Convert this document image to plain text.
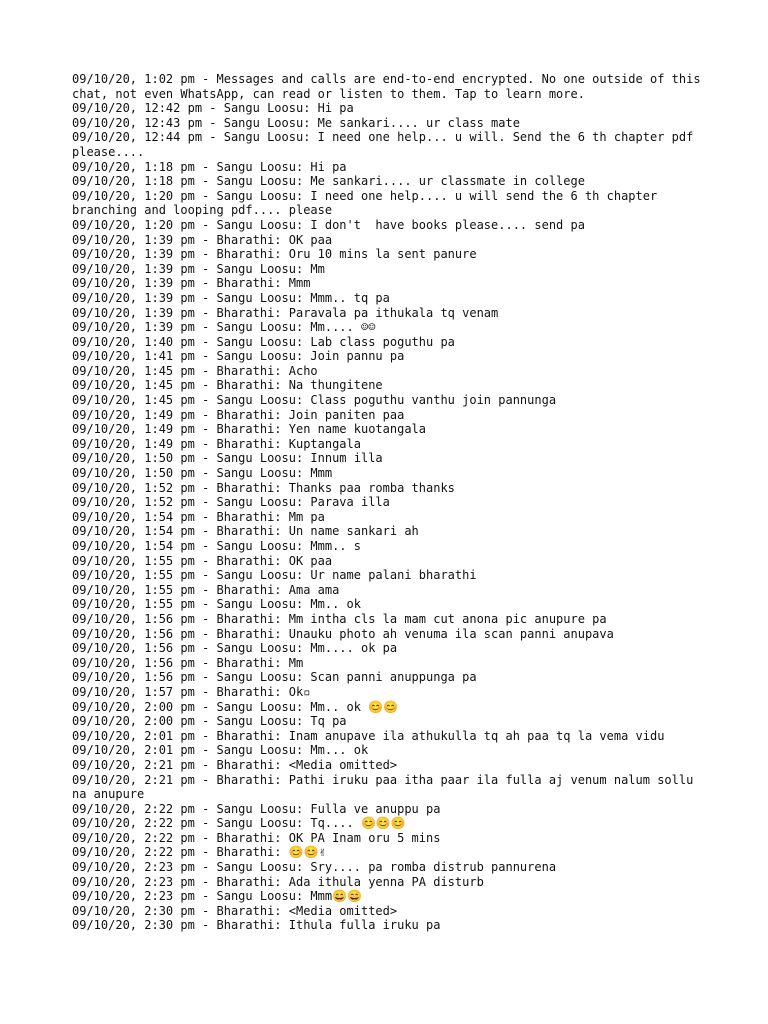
09/10/20, 1:02 pm - Messages and calls are end-to-end encrypted. No one outside of this chat, not even WhatsApp, can read or listen to them. Tap to learn more.
09/10/20, 12:42 pm - Sangu Loosu: Hi pa
09/10/20, 12:43 pm - Sangu Loosu: Me sankari.... ur class mate
09/10/20, 12:44 pm - Sangu Loosu: I need one help... u will. Send the 6 th chapter pdf please....
09/10/20, 1:18 pm - Sangu Loosu: Hi pa
09/10/20, 1:18 pm - Sangu Loosu: Me sankari.... ur classmate in college
09/10/20, 1:20 pm - Sangu Loosu: I need one help.... u will send the 6 th chapter branching and looping pdf.... please
09/10/20, 1:20 pm - Sangu Loosu: I don't  have books please.... send pa
09/10/20, 1:39 pm - Bharathi: OK paa
09/10/20, 1:39 pm - Bharathi: Oru 10 mins la sent panure
09/10/20, 1:39 pm - Sangu Loosu: Mm
09/10/20, 1:39 pm - Bharathi: Mmm
09/10/20, 1:39 pm - Sangu Loosu: Mmm.. tq pa
09/10/20, 1:39 pm - Bharathi: Paravala pa ithukala tq venam
09/10/20, 1:39 pm - Sangu Loosu: Mm.... ☺☺
09/10/20, 1:40 pm - Sangu Loosu: Lab class poguthu pa
09/10/20, 1:41 pm - Sangu Loosu: Join pannu pa
09/10/20, 1:45 pm - Bharathi: Acho
09/10/20, 1:45 pm - Bharathi: Na thungitene
09/10/20, 1:45 pm - Sangu Loosu: Class poguthu vanthu join pannunga
09/10/20, 1:49 pm - Bharathi: Join paniten paa
09/10/20, 1:49 pm - Bharathi: Yen name kuotangala
09/10/20, 1:49 pm - Bharathi: Kuptangala
09/10/20, 1:50 pm - Sangu Loosu: Innum illa
09/10/20, 1:50 pm - Sangu Loosu: Mmm
09/10/20, 1:52 pm - Bharathi: Thanks paa romba thanks
09/10/20, 1:52 pm - Sangu Loosu: Parava illa
09/10/20, 1:54 pm - Bharathi: Mm pa
09/10/20, 1:54 pm - Bharathi: Un name sankari ah
09/10/20, 1:54 pm - Sangu Loosu: Mmm.. s
09/10/20, 1:55 pm - Bharathi: OK paa
09/10/20, 1:55 pm - Sangu Loosu: Ur name palani bharathi
09/10/20, 1:55 pm - Bharathi: Ama ama
09/10/20, 1:55 pm - Sangu Loosu: Mm.. ok
09/10/20, 1:56 pm - Bharathi: Mm intha cls la mam cut anona pic anupure pa
09/10/20, 1:56 pm - Bharathi: Unauku photo ah venuma ila scan panni anupava
09/10/20, 1:56 pm - Sangu Loosu: Mm.... ok pa
09/10/20, 1:56 pm - Bharathi: Mm
09/10/20, 1:56 pm - Sangu Loosu: Scan panni anuppunga pa
09/10/20, 1:57 pm - Bharathi: Ok▫
09/10/20, 2:00 pm - Sangu Loosu: Mm.. ok 😊😊
09/10/20, 2:00 pm - Sangu Loosu: Tq pa
09/10/20, 2:01 pm - Bharathi: Inam anupave ila athukulla tq ah paa tq la vema vidu
09/10/20, 2:01 pm - Sangu Loosu: Mm... ok
09/10/20, 2:21 pm - Bharathi: <Media omitted>
09/10/20, 2:21 pm - Bharathi: Pathi iruku paa itha paar ila fulla aj venum nalum sollu na anupure
09/10/20, 2:22 pm - Sangu Loosu: Fulla ve anuppu pa
09/10/20, 2:22 pm - Sangu Loosu: Tq.... 😊😊😊
09/10/20, 2:22 pm - Bharathi: OK PA Inam oru 5 mins
09/10/20, 2:22 pm - Bharathi: 😊😊✌
09/10/20, 2:23 pm - Sangu Loosu: Sry.... pa romba distrub pannurena
09/10/20, 2:23 pm - Bharathi: Ada ithula yenna PA disturb
09/10/20, 2:23 pm - Sangu Loosu: Mmm😄😄
09/10/20, 2:30 pm - Bharathi: <Media omitted>
09/10/20, 2:30 pm - Bharathi: Ithula fulla iruku pa
